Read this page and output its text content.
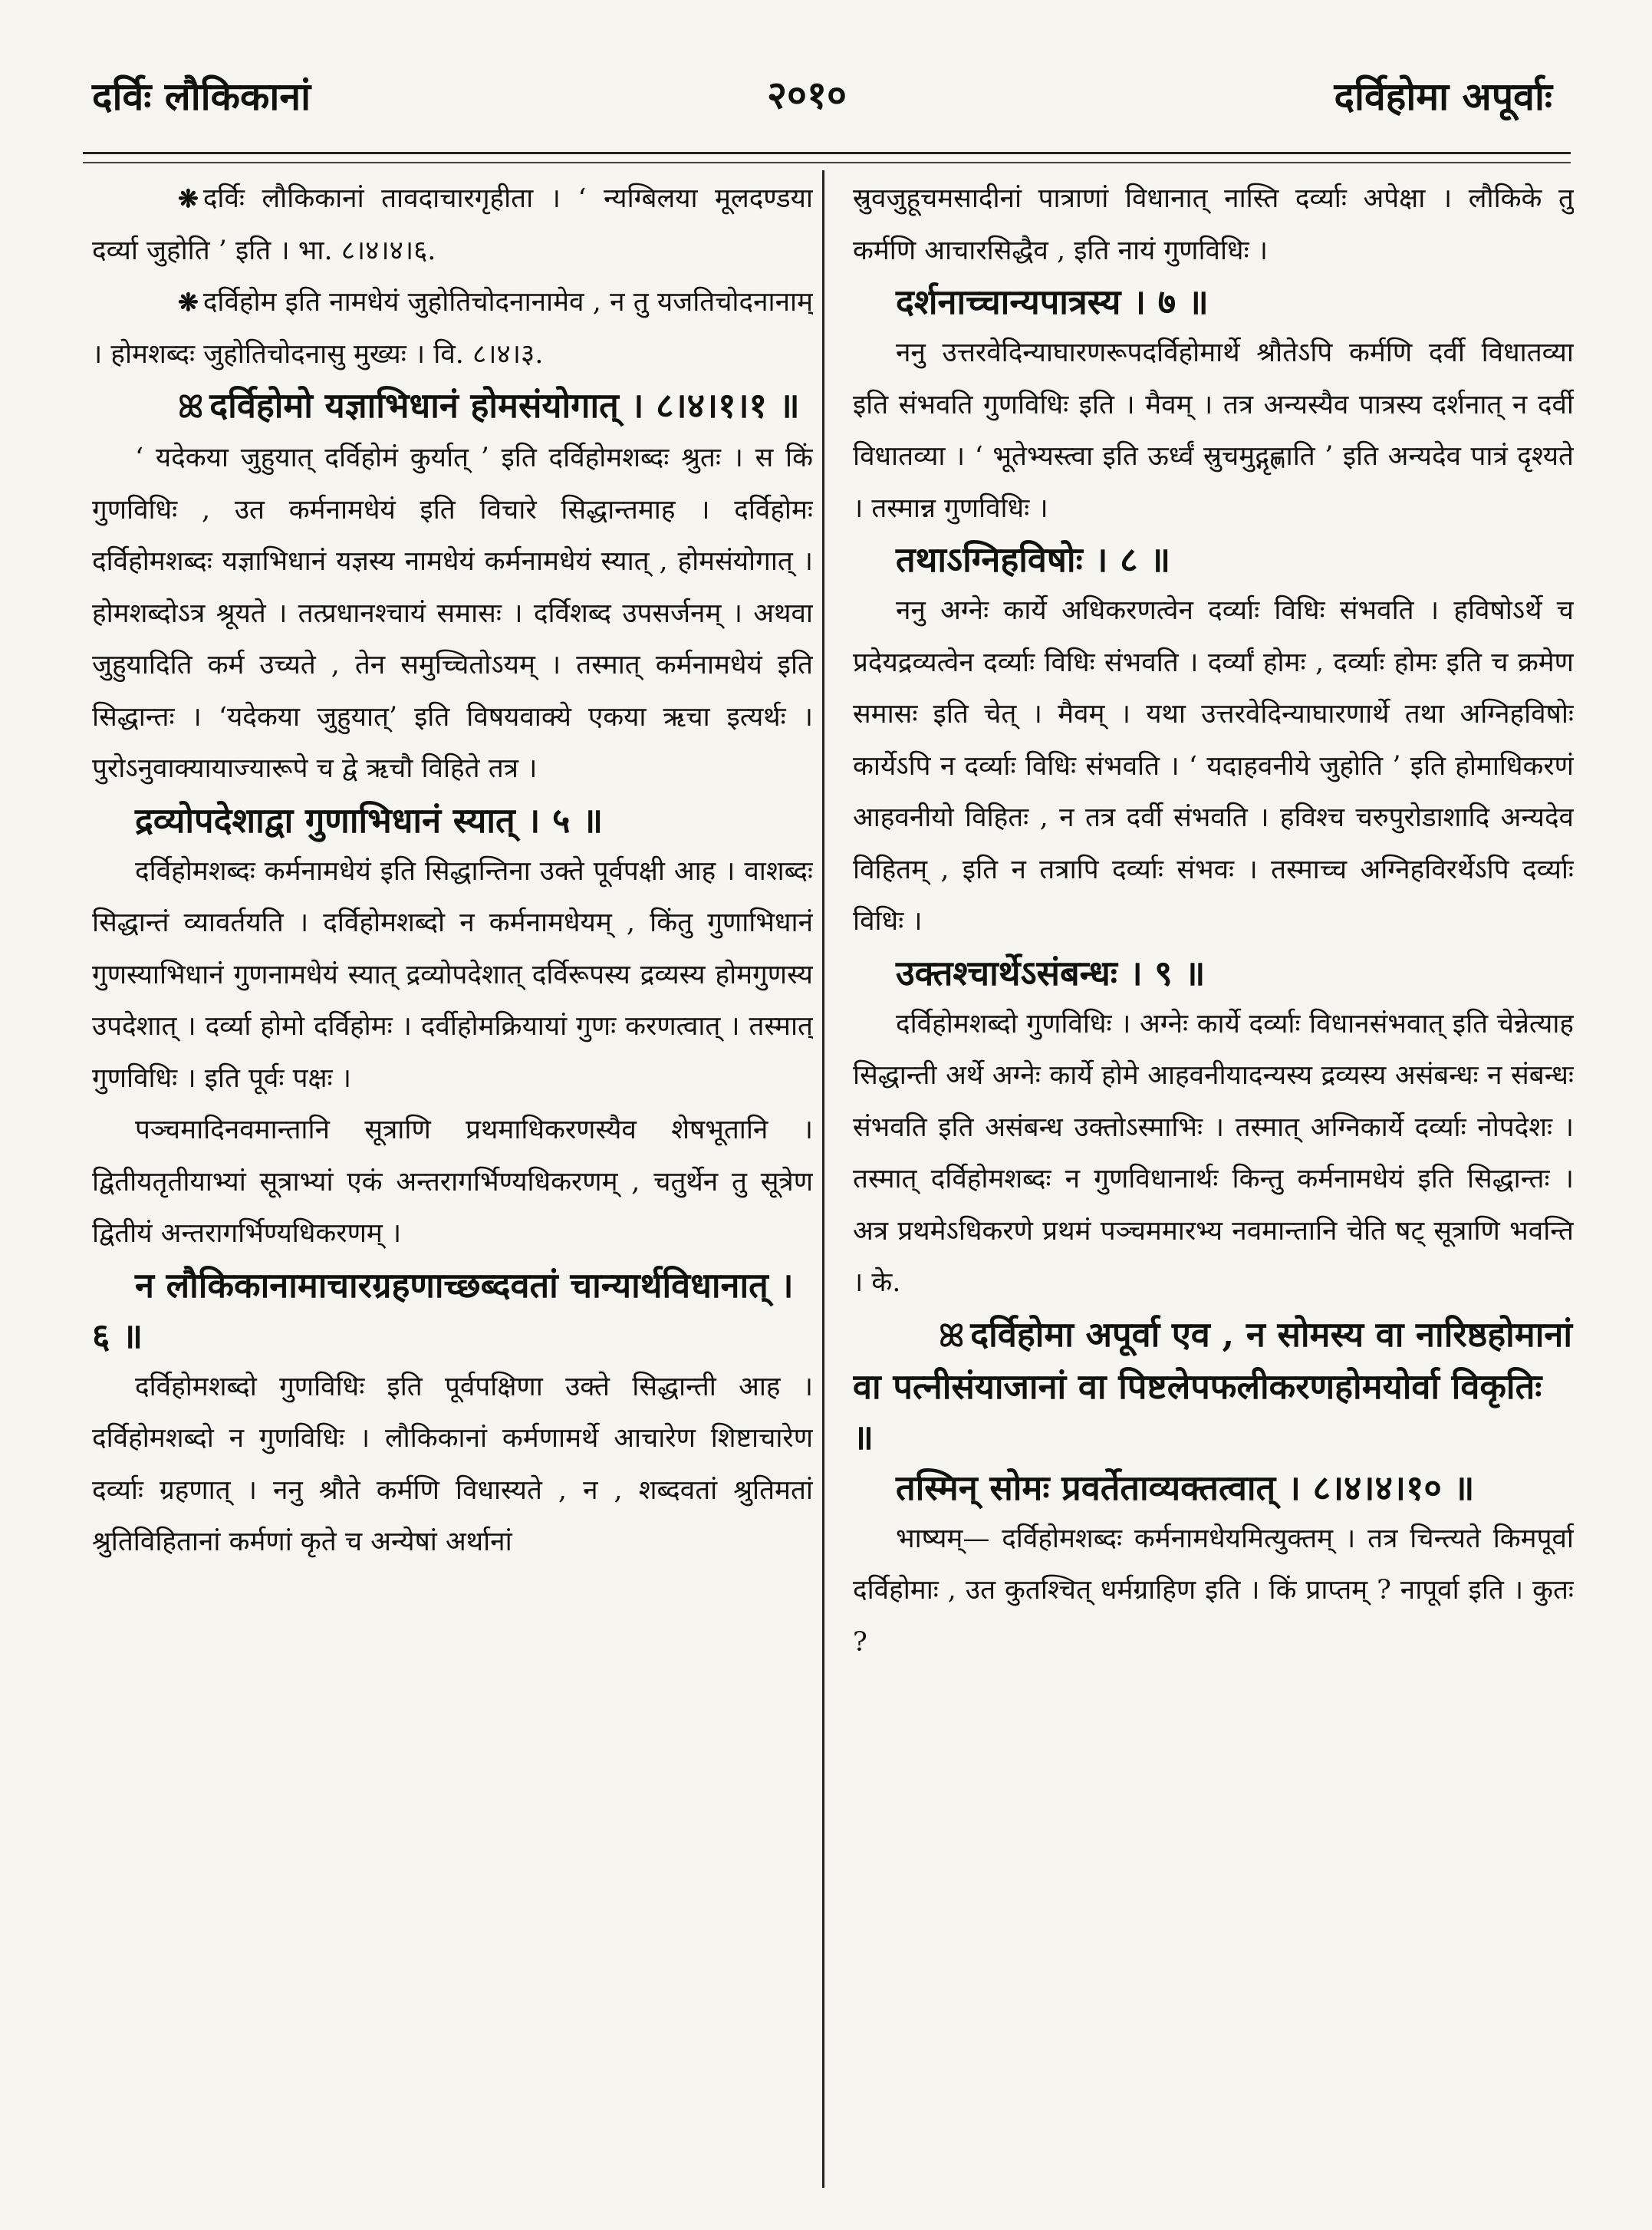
दर्विः लौकिकानां	२०१०	दर्विहोमा अपूर्वाः

❋ दर्विः लौकिकानां तावदाचारगृहीता । ‘ न्यग्बिलया मूलदण्डया दर्व्या जुहोति ’ इति । भा. ८।४।४।६.

❋ दर्विहोम इति नामधेयं जुहोतिचोदनानामेव , न तु यजतिचोदनानाम् । होमशब्दः जुहोतिचोदनासु मुख्यः । वि. ८।४।३.

ꕤ दर्विहोमो यज्ञाभिधानं होमसंयोगात् । ८।४।१।१ ॥

‘ यदेकया जुहुयात् दर्विहोमं कुर्यात् ’ इति दर्विहोमशब्दः श्रुतः । स किं गुणविधिः , उत कर्मनामधेयं इति विचारे सिद्धान्तमाह । दर्विहोमः दर्विहोमशब्दः यज्ञाभिधानं यज्ञस्य नामधेयं कर्मनामधेयं स्यात् , होमसंयोगात् । होमशब्दोऽत्र श्रूयते । तत्प्रधानश्चायं समासः । दर्विशब्द उपसर्जनम् । अथवा जुहुयादिति कर्म उच्यते , तेन समुच्चितोऽयम् । तस्मात् कर्मनामधेयं इति सिद्धान्तः । ‘यदेकया जुहुयात्’ इति विषयवाक्ये एकया ऋचा इत्यर्थः । पुरोऽनुवाक्यायाज्यारूपे च द्वे ऋचौ विहिते तत्र ।

द्रव्योपदेशाद्वा गुणाभिधानं स्यात् । ५ ॥

दर्विहोमशब्दः कर्मनामधेयं इति सिद्धान्तिना उक्ते पूर्वपक्षी आह । वाशब्दः सिद्धान्तं व्यावर्तयति । दर्विहोमशब्दो न कर्मनामधेयम् , किंतु गुणाभिधानं गुणस्याभिधानं गुणनामधेयं स्यात् द्रव्योपदेशात् दर्विरूपस्य द्रव्यस्य होमगुणस्य उपदेशात् । दर्व्या होमो दर्विहोमः । दर्वीहोमक्रियायां गुणः करणत्वात् । तस्मात् गुणविधिः । इति पूर्वः पक्षः ।

पञ्चमादिनवमान्तानि सूत्राणि प्रथमाधिकरणस्यैव शेषभूतानि । द्वितीयतृतीयाभ्यां सूत्राभ्यां एकं अन्तरागर्भिण्यधिकरणम् , चतुर्थेन तु सूत्रेण द्वितीयं अन्तरागर्भिण्यधिकरणम् ।

न लौकिकानामाचारग्रहणाच्छब्दवतां चान्यार्थविधानात् । ६ ॥

दर्विहोमशब्दो गुणविधिः इति पूर्वपक्षिणा उक्ते सिद्धान्ती आह । दर्विहोमशब्दो न गुणविधिः । लौकिकानां कर्मणामर्थे आचारेण शिष्टाचारेण दर्व्याः ग्रहणात् । ननु श्रौते कर्मणि विधास्यते , न , शब्दवतां श्रुतिमतां श्रुतिविहितानां कर्मणां कृते च अन्येषां अर्थानां

स्रुवजुहूचमसादीनां पात्राणां विधानात् नास्ति दर्व्याः अपेक्षा । लौकिके तु कर्मणि आचारसिद्धैव , इति नायं गुणविधिः ।

दर्शनाच्चान्यपात्रस्य । ७ ॥

ननु उत्तरवेदिन्याघारणरूपदर्विहोमार्थे श्रौतेऽपि कर्मणि दर्वी विधातव्या इति संभवति गुणविधिः इति । मैवम् । तत्र अन्यस्यैव पात्रस्य दर्शनात् न दर्वी विधातव्या । ‘ भूतेभ्यस्त्वा इति ऊर्ध्वं स्रुचमुद्गृह्णाति ’ इति अन्यदेव पात्रं दृश्यते । तस्मान्न गुणविधिः ।

तथाऽग्निहविषोः । ८ ॥

ननु अग्नेः कार्ये अधिकरणत्वेन दर्व्याः विधिः संभवति । हविषोऽर्थे च प्रदेयद्रव्यत्वेन दर्व्याः विधिः संभवति । दर्व्यां होमः , दर्व्याः होमः इति च क्रमेण समासः इति चेत् । मैवम् । यथा उत्तरवेदिन्याघारणार्थे तथा अग्निहविषोः कार्येऽपि न दर्व्याः विधिः संभवति । ‘ यदाहवनीये जुहोति ’ इति होमाधिकरणं आहवनीयो विहितः , न तत्र दर्वी संभवति । हविश्च चरुपुरोडाशादि अन्यदेव विहितम् , इति न तत्रापि दर्व्याः संभवः । तस्माच्च अग्निहविरर्थेऽपि दर्व्याः विधिः ।

उक्तश्चार्थेऽसंबन्धः । ९ ॥

दर्विहोमशब्दो गुणविधिः । अग्नेः कार्ये दर्व्याः विधानसंभवात् इति चेन्नेत्याह सिद्धान्ती अर्थे अग्नेः कार्ये होमे आहवनीयादन्यस्य द्रव्यस्य असंबन्धः न संबन्धः संभवति इति असंबन्ध उक्तोऽस्माभिः । तस्मात् अग्निकार्ये दर्व्याः नोपदेशः । तस्मात् दर्विहोमशब्दः न गुणविधानार्थः किन्तु कर्मनामधेयं इति सिद्धान्तः । अत्र प्रथमेऽधिकरणे प्रथमं पञ्चममारभ्य नवमान्तानि चेति षट् सूत्राणि भवन्ति । के.

ꕤ दर्विहोमा अपूर्वा एव , न सोमस्य वा नारिष्ठहोमानां वा पत्नीसंयाजानां वा पिष्टलेपफलीकरणहोमयोर्वा विकृतिः ॥

तस्मिन् सोमः प्रवर्तेताव्यक्तत्वात् । ८।४।४।१० ॥

भाष्यम्— दर्विहोमशब्दः कर्मनामधेयमित्युक्तम् । तत्र चिन्त्यते किमपूर्वा दर्विहोमाः , उत कुतश्चित् धर्मग्राहिण इति । किं प्राप्तम् ? नापूर्वा इति । कुतः ?
